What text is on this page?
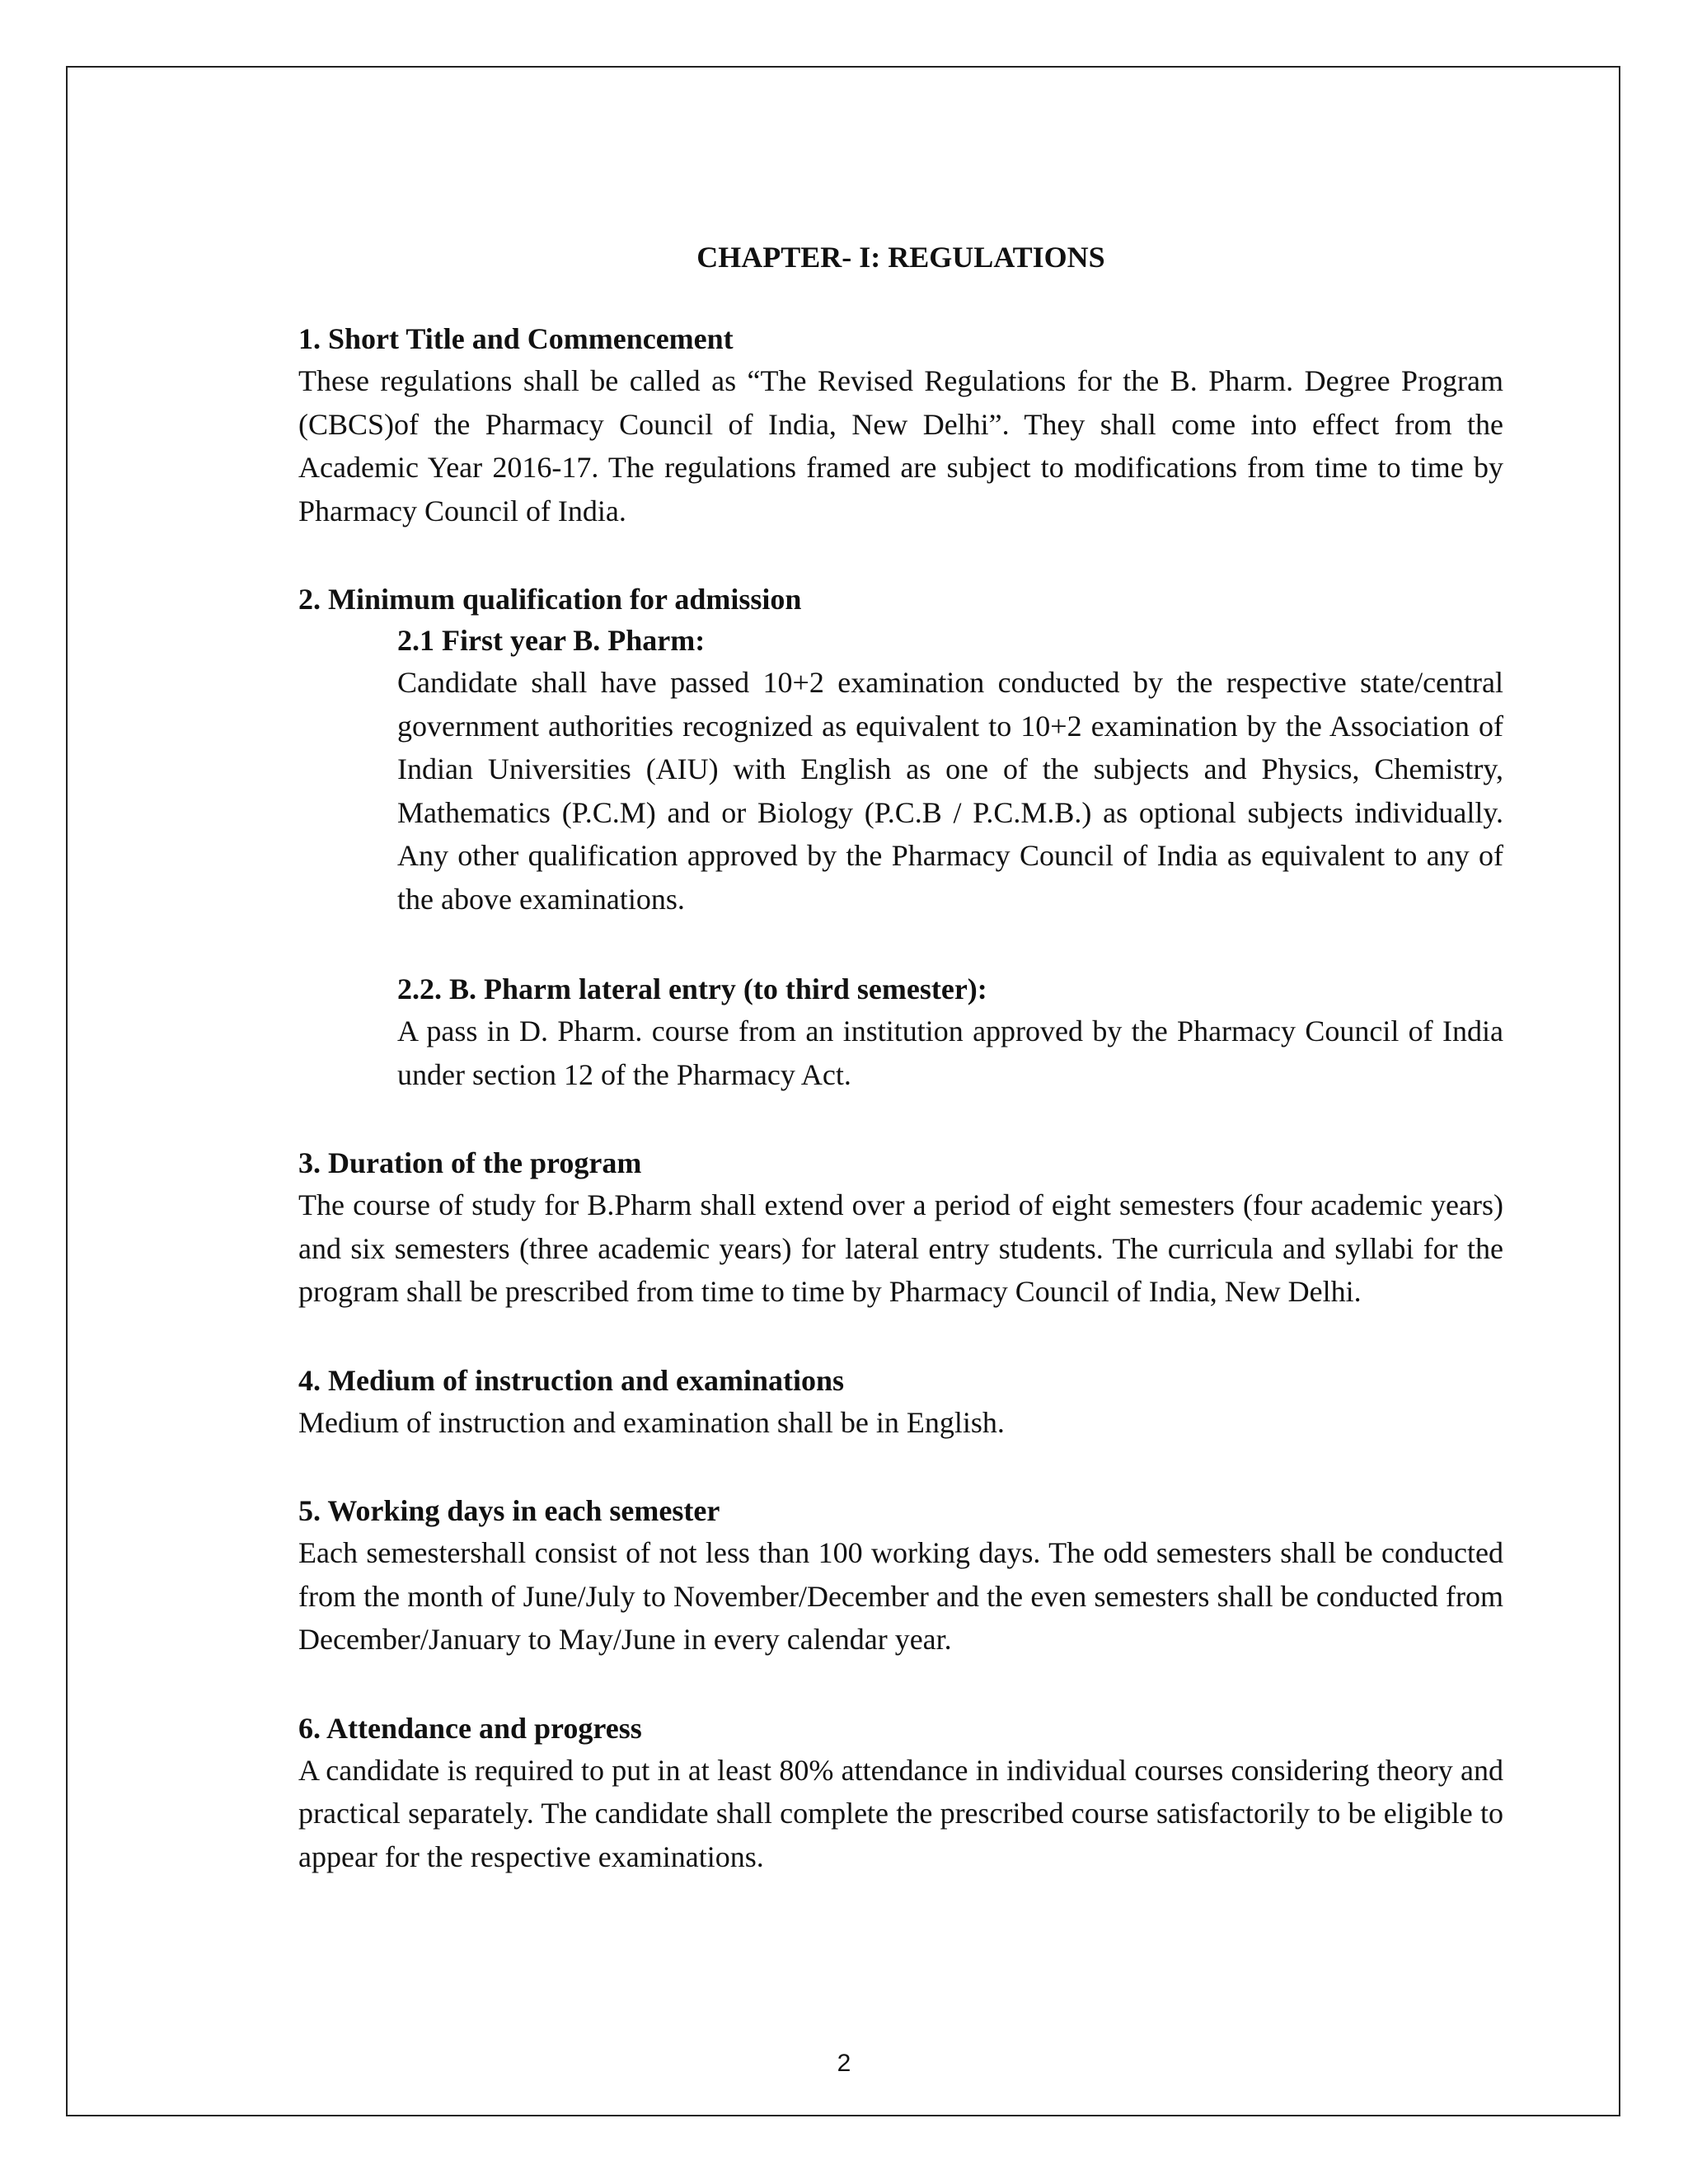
CHAPTER- I: REGULATIONS

1. Short Title and Commencement

These regulations shall be called as “The Revised Regulations for the B. Pharm. Degree Program (CBCS)of the Pharmacy Council of India, New Delhi”. They shall come into effect from the Academic Year 2016-17. The regulations framed are subject to modifications from time to time by Pharmacy Council of India.

2. Minimum qualification for admission

2.1 First year B. Pharm:

Candidate shall have passed 10+2 examination conducted by the respective state/central government authorities recognized as equivalent to 10+2 examination by the Association of Indian Universities (AIU) with English as one of the subjects and Physics, Chemistry, Mathematics (P.C.M) and or Biology (P.C.B / P.C.M.B.) as optional subjects individually. Any other qualification approved by the Pharmacy Council of India as equivalent to any of the above examinations.

2.2. B. Pharm lateral entry (to third semester):

A pass in D. Pharm. course from an institution approved by the Pharmacy Council of India under section 12 of the Pharmacy Act.

3. Duration of the program

The course of study for B.Pharm shall extend over a period of eight semesters (four academic years) and six semesters (three academic years) for lateral entry students. The curricula and syllabi for the program shall be prescribed from time to time by Pharmacy Council of India, New Delhi.

4. Medium of instruction and examinations

Medium of instruction and examination shall be in English.

5. Working days in each semester

Each semestershall consist of not less than 100 working days. The odd semesters shall be conducted from the month of June/July to November/December and the even semesters shall be conducted from December/January to May/June in every calendar year.

6. Attendance and progress

A candidate is required to put in at least 80% attendance in individual courses considering theory and practical separately. The candidate shall complete the prescribed course satisfactorily to be eligible to appear for the respective examinations.

2
